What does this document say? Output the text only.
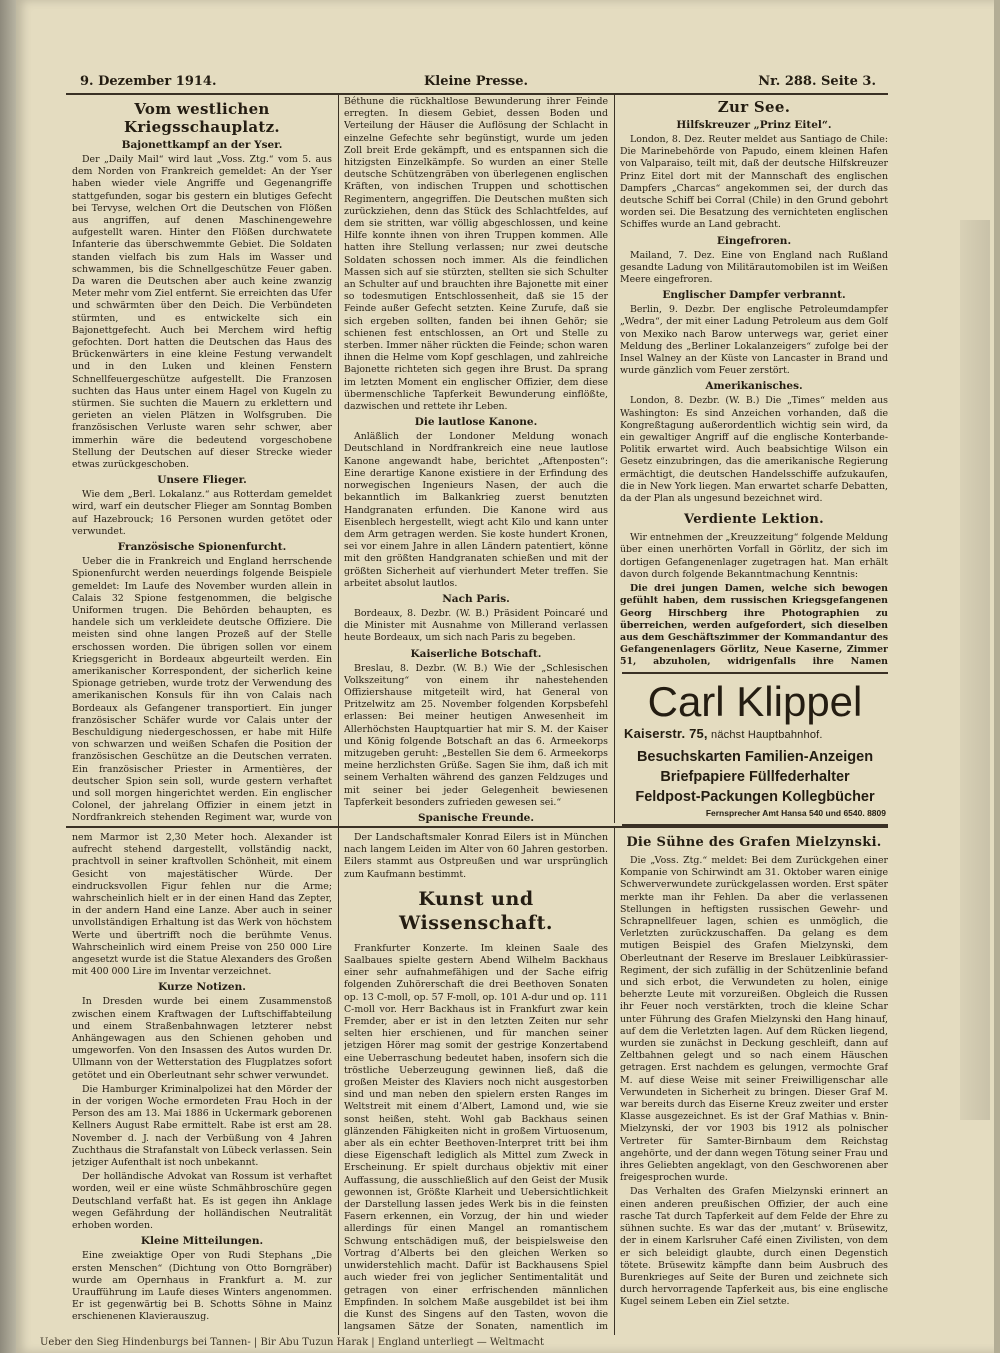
9. Dezember 1914.	Kleine Presse.	Nr. 288. Seite 3.
Vom westlichen Kriegsschauplatz.
Bajonettkampf an der Yser.

Der „Daily Mail“ wird laut „Voss. Ztg.“ vom 5. aus dem Norden von Frankreich gemeldet: An der Yser haben wieder viele Angriffe und Gegenangriffe stattgefunden, sogar bis gestern ein blutiges Gefecht bei Tervyse, welchen Ort die Deutschen von Flößen aus angriffen, auf denen Maschinengewehre aufgestellt waren. Hinter den Flößen durchwatete Infanterie das überschwemmte Gebiet. Die Soldaten standen vielfach bis zum Hals im Wasser und schwammen, bis die Schnellgeschütze Feuer gaben. Da waren die Deutschen aber auch keine zwanzig Meter mehr vom Ziel entfernt. Sie erreichten das Ufer und schwärmten über den Deich. Die Verbündeten stürmten, und es entwickelte sich ein Bajonettgefecht. Auch bei Merchem wird heftig gefochten. Dort hatten die Deutschen das Haus des Brückenwärters in eine kleine Festung verwandelt und in den Luken und kleinen Fenstern Schnellfeuergeschütze aufgestellt. Die Franzosen suchten das Haus unter einem Hagel von Kugeln zu stürmen. Sie suchten die Mauern zu erklettern und gerieten an vielen Plätzen in Wolfsgruben. Die französischen Verluste waren sehr schwer, aber immerhin wäre die bedeutend vorgeschobene Stellung der Deutschen auf dieser Strecke wieder etwas zurückgeschoben.

Unsere Flieger.

Wie dem „Berl. Lokalanz.“ aus Rotterdam gemeldet wird, warf ein deutscher Flieger am Sonntag Bomben auf Hazebrouck; 16 Personen wurden getötet oder verwundet.

Französische Spionenfurcht.

Ueber die in Frankreich und England herrschende Spionenfurcht werden neuerdings folgende Beispiele gemeldet: Im Laufe des November wurden allein in Calais 32 Spione festgenommen, die belgische Uniformen trugen. Die Behörden behaupten, es handele sich um verkleidete deutsche Offiziere. Die meisten sind ohne langen Prozeß auf der Stelle erschossen worden. Die übrigen sollen vor einem Kriegsgericht in Bordeaux abgeurteilt werden. Ein amerikanischer Korrespondent, der sicherlich keine Spionage getrieben, wurde trotz der Verwendung des amerikanischen Konsuls für ihn von Calais nach Bordeaux als Gefangener transportiert. Ein junger französischer Schäfer wurde vor Calais unter der Beschuldigung niedergeschossen, er habe mit Hilfe von schwarzen und weißen Schafen die Position der französischen Geschütze an die Deutschen verraten. Ein französischer Priester in Armentières, der deutscher Spion sein soll, wurde gestern verhaftet und soll morgen hingerichtet werden. Ein englischer Colonel, der jahrelang Offizier in einem jetzt in Nordfrankreich stehenden Regiment war, wurde von

Béthune die rückhaltlose Bewunderung ihrer Feinde erregten. In diesem Gebiet, dessen Boden und Verteilung der Häuser die Auflösung der Schlacht in einzelne Gefechte sehr begünstigt, wurde um jeden Zoll breit Erde gekämpft, und es entspannen sich die hitzigsten Einzelkämpfe. So wurden an einer Stelle deutsche Schützengräben von überlegenen englischen Kräften, von indischen Truppen und schottischen Regimentern, angegriffen. Die Deutschen mußten sich zurückziehen, denn das Stück des Schlachtfeldes, auf dem sie stritten, war völlig abgeschlossen, und keine Hilfe konnte ihnen von ihren Truppen kommen. Alle hatten ihre Stellung verlassen; nur zwei deutsche Soldaten schossen noch immer. Als die feindlichen Massen sich auf sie stürzten, stellten sie sich Schulter an Schulter auf und brauchten ihre Bajonette mit einer so todesmutigen Entschlossenheit, daß sie 15 der Feinde außer Gefecht setzten. Keine Zurufe, daß sie sich ergeben sollten, fanden bei ihnen Gehör; sie schienen fest entschlossen, an Ort und Stelle zu sterben. Immer näher rückten die Feinde; schon waren ihnen die Helme vom Kopf geschlagen, und zahlreiche Bajonette richteten sich gegen ihre Brust. Da sprang im letzten Moment ein englischer Offizier, dem diese übermenschliche Tapferkeit Bewunderung einflößte, dazwischen und rettete ihr Leben.

Die lautlose Kanone.

Anläßlich der Londoner Meldung wonach Deutschland in Nordfrankreich eine neue lautlose Kanone angewandt habe, berichtet „Aftenposten“: Eine derartige Kanone existiere in der Erfindung des norwegischen Ingenieurs Nasen, der auch die bekanntlich im Balkankrieg zuerst benutzten Handgranaten erfunden. Die Kanone wird aus Eisenblech hergestellt, wiegt acht Kilo und kann unter dem Arm getragen werden. Sie koste hundert Kronen, sei vor einem Jahre in allen Ländern patentiert, könne mit den größten Handgranaten schießen und mit der größten Sicherheit auf vierhundert Meter treffen. Sie arbeitet absolut lautlos.

Nach Paris.

Bordeaux, 8. Dezbr. (W. B.) Präsident Poincaré und die Minister mit Ausnahme von Millerand verlassen heute Bordeaux, um sich nach Paris zu begeben.

Kaiserliche Botschaft.

Breslau, 8. Dezbr. (W. B.) Wie der „Schlesischen Volkszeitung“ von einem ihr nahestehenden Offiziershause mitgeteilt wird, hat General von Pritzelwitz am 25. November folgenden Korpsbefehl erlassen: Bei meiner heutigen Anwesenheit im Allerhöchsten Hauptquartier hat mir S. M. der Kaiser und König folgende Botschaft an das 6. Armeekorps mitzugeben geruht: „Bestellen Sie dem 6. Armeekorps meine herzlichsten Grüße. Sagen Sie ihm, daß ich mit seinem Verhalten während des ganzen Feldzuges und mit seiner bei jeder Gelegenheit bewiesenen Tapferkeit besonders zufrieden gewesen sei.“

Spanische Freunde.

Zur See.
Hilfskreuzer „Prinz Eitel“.

London, 8. Dez. Reuter meldet aus Santiago de Chile: Die Marinebehörde von Papudo, einem kleinen Hafen von Valparaiso, teilt mit, daß der deutsche Hilfskreuzer Prinz Eitel dort mit der Mannschaft des englischen Dampfers „Charcas“ angekommen sei, der durch das deutsche Schiff bei Corral (Chile) in den Grund gebohrt worden sei. Die Besatzung des vernichteten englischen Schiffes wurde an Land gebracht.

Eingefroren.

Mailand, 7. Dez. Eine von England nach Rußland gesandte Ladung von Militärautomobilen ist im Weißen Meere eingefroren.

Englischer Dampfer verbrannt.

Berlin, 9. Dezbr. Der englische Petroleumdampfer „Wedra“, der mit einer Ladung Petroleum aus dem Golf von Mexiko nach Barow unterwegs war, geriet einer Meldung des „Berliner Lokalanzeigers“ zufolge bei der Insel Walney an der Küste von Lancaster in Brand und wurde gänzlich vom Feuer zerstört.

Amerikanisches.

London, 8. Dezbr. (W. B.) Die „Times“ melden aus Washington: Es sind Anzeichen vorhanden, daß die Kongreßtagung außerordentlich wichtig sein wird, da ein gewaltiger Angriff auf die englische Konterbande-Politik erwartet wird. Auch beabsichtige Wilson ein Gesetz einzubringen, das die amerikanische Regierung ermächtigt, die deutschen Handelsschiffe aufzukaufen, die in New York liegen. Man erwartet scharfe Debatten, da der Plan als ungesund bezeichnet wird.

Verdiente Lektion.

Wir entnehmen der „Kreuzzeitung“ folgende Meldung über einen unerhörten Vorfall in Görlitz, der sich im dortigen Gefangenenlager zugetragen hat. Man erhält davon durch folgende Bekanntmachung Kenntnis:

Die drei jungen Damen, welche sich bewogen gefühlt haben, dem russischen Kriegsgefangenen Georg Hirschberg ihre Photographien zu überreichen, werden aufgefordert, sich dieselben aus dem Geschäftszimmer der Kommandantur des Gefangenenlagers Görlitz, Neue Kaserne, Zimmer 51, abzuholen, widrigenfalls ihre Namen

Carl Klippel
Kaiserstr. 75, nächst Hauptbahnhof.
Besuchskarten Familien-Anzeigen
Briefpapiere Füllfederhalter
Feldpost-Packungen Kollegbücher
Fernsprecher Amt Hansa 540 und 6540. 8809

nem Marmor ist 2,30 Meter hoch. Alexander ist aufrecht stehend dargestellt, vollständig nackt, prachtvoll in seiner kraftvollen Schönheit, mit einem Gesicht von majestätischer Würde. Der eindrucksvollen Figur fehlen nur die Arme; wahrscheinlich hielt er in der einen Hand das Zepter, in der andern Hand eine Lanze. Aber auch in seiner unvollständigen Erhaltung ist das Werk von höchstem Werte und übertrifft noch die berühmte Venus. Wahrscheinlich wird einem Preise von 250 000 Lire angesetzt wurde ist die Statue Alexanders des Großen mit 400 000 Lire im Inventar verzeichnet.

Kurze Notizen.

In Dresden wurde bei einem Zusammenstoß zwischen einem Kraftwagen der Luftschiffabteilung und einem Straßenbahnwagen letzterer nebst Anhängewagen aus den Schienen gehoben und umgeworfen. Von den Insassen des Autos wurden Dr. Ullmann von der Wetterstation des Flugplatzes sofort getötet und ein Oberleutnant sehr schwer verwundet.

Die Hamburger Kriminalpolizei hat den Mörder der in der vorigen Woche ermordeten Frau Hoch in der Person des am 13. Mai 1886 in Uckermark geborenen Kellners August Rabe ermittelt. Rabe ist erst am 28. November d. J. nach der Verbüßung von 4 Jahren Zuchthaus die Strafanstalt von Lübeck verlassen. Sein jetziger Aufenthalt ist noch unbekannt.

Der holländische Advokat van Rossum ist verhaftet worden, weil er eine wüste Schmähbroschüre gegen Deutschland verfaßt hat. Es ist gegen ihn Anklage wegen Gefährdung der holländischen Neutralität erhoben worden.

Kleine Mitteilungen.

Eine zweiaktige Oper von Rudi Stephans „Die ersten Menschen“ (Dichtung von Otto Borngräber) wurde am Opernhaus in Frankfurt a. M. zur Uraufführung im Laufe dieses Winters angenommen. Er ist gegenwärtig bei B. Schotts Söhne in Mainz erschienenen Klavierauszug.

Der Landschaftsmaler Konrad Eilers ist in München nach langem Leiden im Alter von 60 Jahren gestorben. Eilers stammt aus Ostpreußen und war ursprünglich zum Kaufmann bestimmt.

Kunst und Wissenschaft.

Frankfurter Konzerte. Im kleinen Saale des Saalbaues spielte gestern Abend Wilhelm Backhaus einer sehr aufnahmefähigen und der Sache eifrig folgenden Zuhörerschaft die drei Beethoven Sonaten op. 13 C-moll, op. 57 F-moll, op. 101 A-dur und op. 111 C-moll vor. Herr Backhaus ist in Frankfurt zwar kein Fremder, aber er ist in den letzten Zeiten nur sehr selten hier erschienen, und für manchen seiner jetzigen Hörer mag somit der gestrige Konzertabend eine Ueberraschung bedeutet haben, insofern sich die tröstliche Ueberzeugung gewinnen ließ, daß die großen Meister des Klaviers noch nicht ausgestorben sind und man neben den spielern ersten Ranges im Weltstreit mit einem d’Albert, Lamond und, wie sie sonst heißen, steht. Wohl gab Backhaus seinen glänzenden Fähigkeiten nicht in großem Virtuosenum, aber als ein echter Beethoven-Interpret tritt bei ihm diese Eigenschaft lediglich als Mittel zum Zweck in Erscheinung. Er spielt durchaus objektiv mit einer Auffassung, die ausschließlich auf den Geist der Musik gewonnen ist, Größte Klarheit und Uebersichtlichkeit der Darstellung lassen jedes Werk bis in die feinsten Fasern erkennen, ein Vorzug, der hin und wieder allerdings für einen Mangel an romantischem Schwung entschädigen muß, der beispielsweise den Vortrag d’Alberts bei den gleichen Werken so unwiderstehlich macht. Dafür ist Backhausens Spiel auch wieder frei von jeglicher Sentimentalität und getragen von einer erfrischenden männlichen Empfinden. In solchem Maße ausgebildet ist bei ihm die Kunst des Singens auf den Tasten, wovon die langsamen Sätze der Sonaten, namentlich im

Die Sühne des Grafen Mielzynski.

Die „Voss. Ztg.“ meldet: Bei dem Zurückgehen einer Kompanie von Schirwindt am 31. Oktober waren einige Schwerverwundete zurückgelassen worden. Erst später merkte man ihr Fehlen. Da aber die verlassenen Stellungen in heftigsten russischen Gewehr- und Schrapnellfeuer lagen, schien es unmöglich, die Verletzten zurückzuschaffen. Da gelang es dem mutigen Beispiel des Grafen Mielzynski, dem Oberleutnant der Reserve im Breslauer Leibkürassier-Regiment, der sich zufällig in der Schützenlinie befand und sich erbot, die Verwundeten zu holen, einige beherzte Leute mit vorzureißen. Obgleich die Russen ihr Feuer noch verstärkten, troch die kleine Schar unter Führung des Grafen Mielzynski den Hang hinauf, auf dem die Verletzten lagen. Auf dem Rücken liegend, wurden sie zunächst in Deckung geschleift, dann auf Zeltbahnen gelegt und so nach einem Häuschen getragen. Erst nachdem es gelungen, vermochte Graf M. auf diese Weise mit seiner Freiwilligenschar alle Verwundeten in Sicherheit zu bringen. Dieser Graf M. war bereits durch das Eiserne Kreuz zweiter und erster Klasse ausgezeichnet. Es ist der Graf Mathias v. Bnin-Mielzynski, der vor 1903 bis 1912 als polnischer Vertreter für Samter-Birnbaum dem Reichstag angehörte, und der dann wegen Tötung seiner Frau und ihres Geliebten angeklagt, von den Geschworenen aber freigesprochen wurde.

Das Verhalten des Grafen Mielzynski erinnert an einen anderen preußischen Offizier, der auch eine rasche Tat durch Tapferkeit auf dem Felde der Ehre zu sühnen suchte. Es war das der ‚mutant‘ v. Brüsewitz, der in einem Karlsruher Café einen Zivilisten, von dem er sich beleidigt glaubte, durch einen Degenstich tötete. Brüsewitz kämpfte dann beim Ausbruch des Burenkrieges auf Seite der Buren und zeichnete sich durch hervorragende Tapferkeit aus, bis eine englische Kugel seinem Leben ein Ziel setzte.

Ueber den Sieg Hindenburgs bei Tannen- | Bir Abu Tuzun Harak | England unterliegt — Weltmacht
